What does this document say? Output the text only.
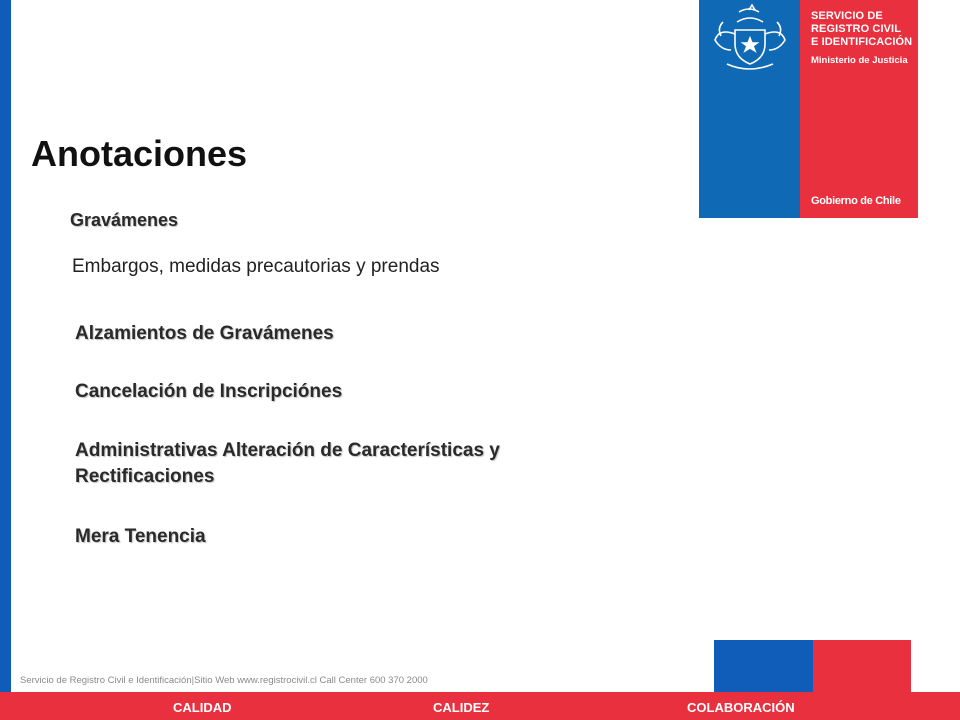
SERVICIO DE
REGISTRO CIVIL
E IDENTIFICACIÓN
Ministerio de Justicia
Gobierno de Chile
Anotaciones
Gravámenes
Embargos, medidas precautorias y prendas
Alzamientos de Gravámenes
Cancelación de Inscripciónes
Administrativas Alteración de Características y
Rectificaciones
Mera Tenencia
Servicio de Registro Civil e Identificación|Sitio Web www.registrocivil.cl Call Center 600 370 2000
CALIDAD	CALIDEZ	COLABORACIÓN
